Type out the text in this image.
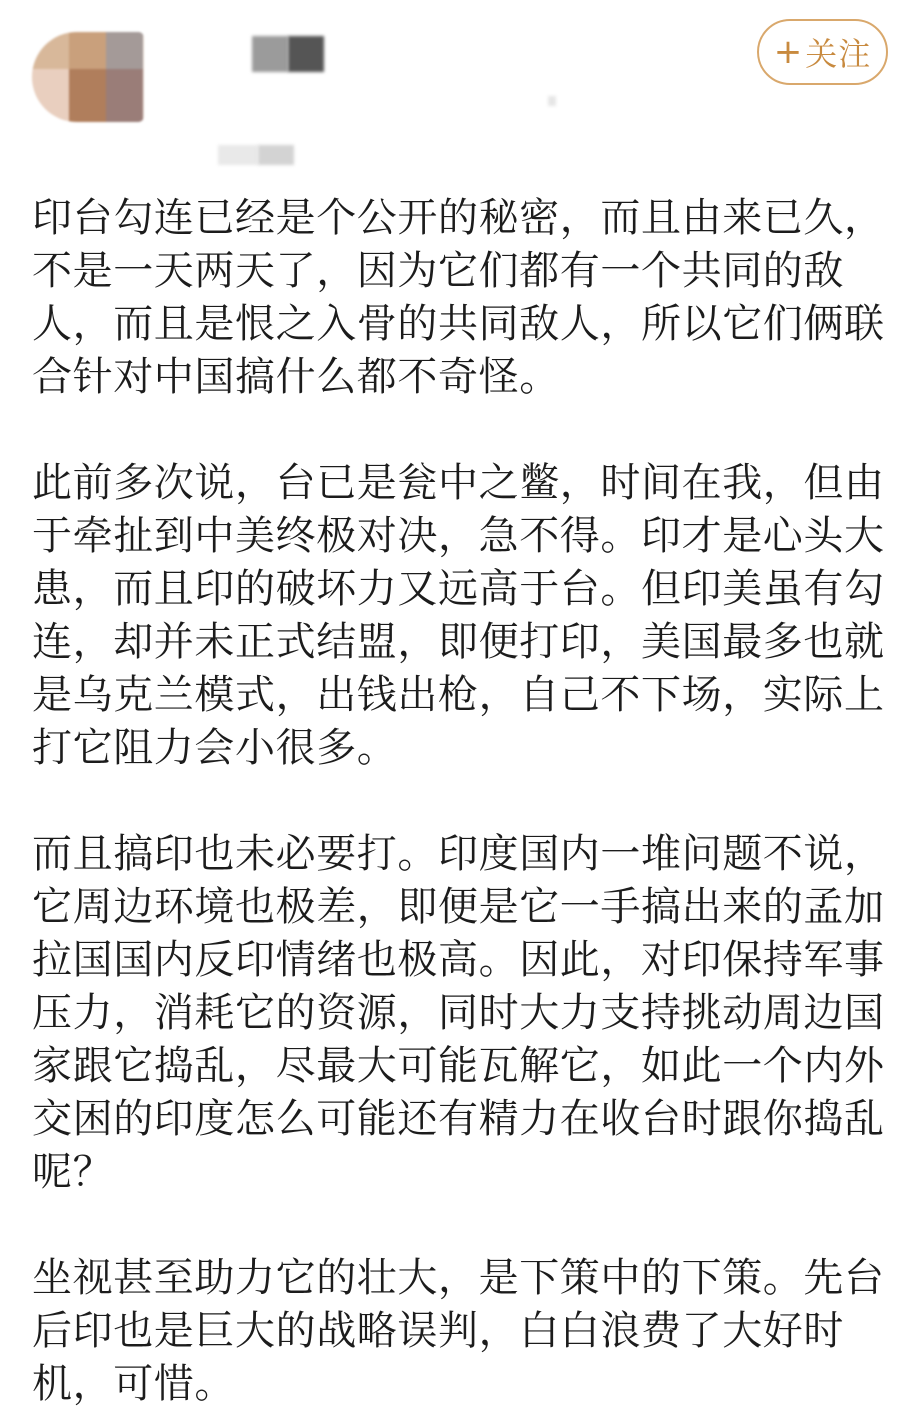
+ 关注

印台勾连已经是个公开的秘密，而且由来已久，不是一天两天了，因为它们都有一个共同的敌人，而且是恨之入骨的共同敌人，所以它们俩联合针对中国搞什么都不奇怪。

此前多次说，台已是瓮中之鳖，时间在我，但由于牵扯到中美终极对决，急不得。印才是心头大患，而且印的破坏力又远高于台。但印美虽有勾连，却并未正式结盟，即便打印，美国最多也就是乌克兰模式，出钱出枪，自己不下场，实际上打它阻力会小很多。

而且搞印也未必要打。印度国内一堆问题不说，它周边环境也极差，即便是它一手搞出来的孟加拉国国内反印情绪也极高。因此，对印保持军事压力，消耗它的资源，同时大力支持挑动周边国家跟它捣乱，尽最大可能瓦解它，如此一个内外交困的印度怎么可能还有精力在收台时跟你捣乱呢？

坐视甚至助力它的壮大，是下策中的下策。先台后印也是巨大的战略误判，白白浪费了大好时机，可惜。
